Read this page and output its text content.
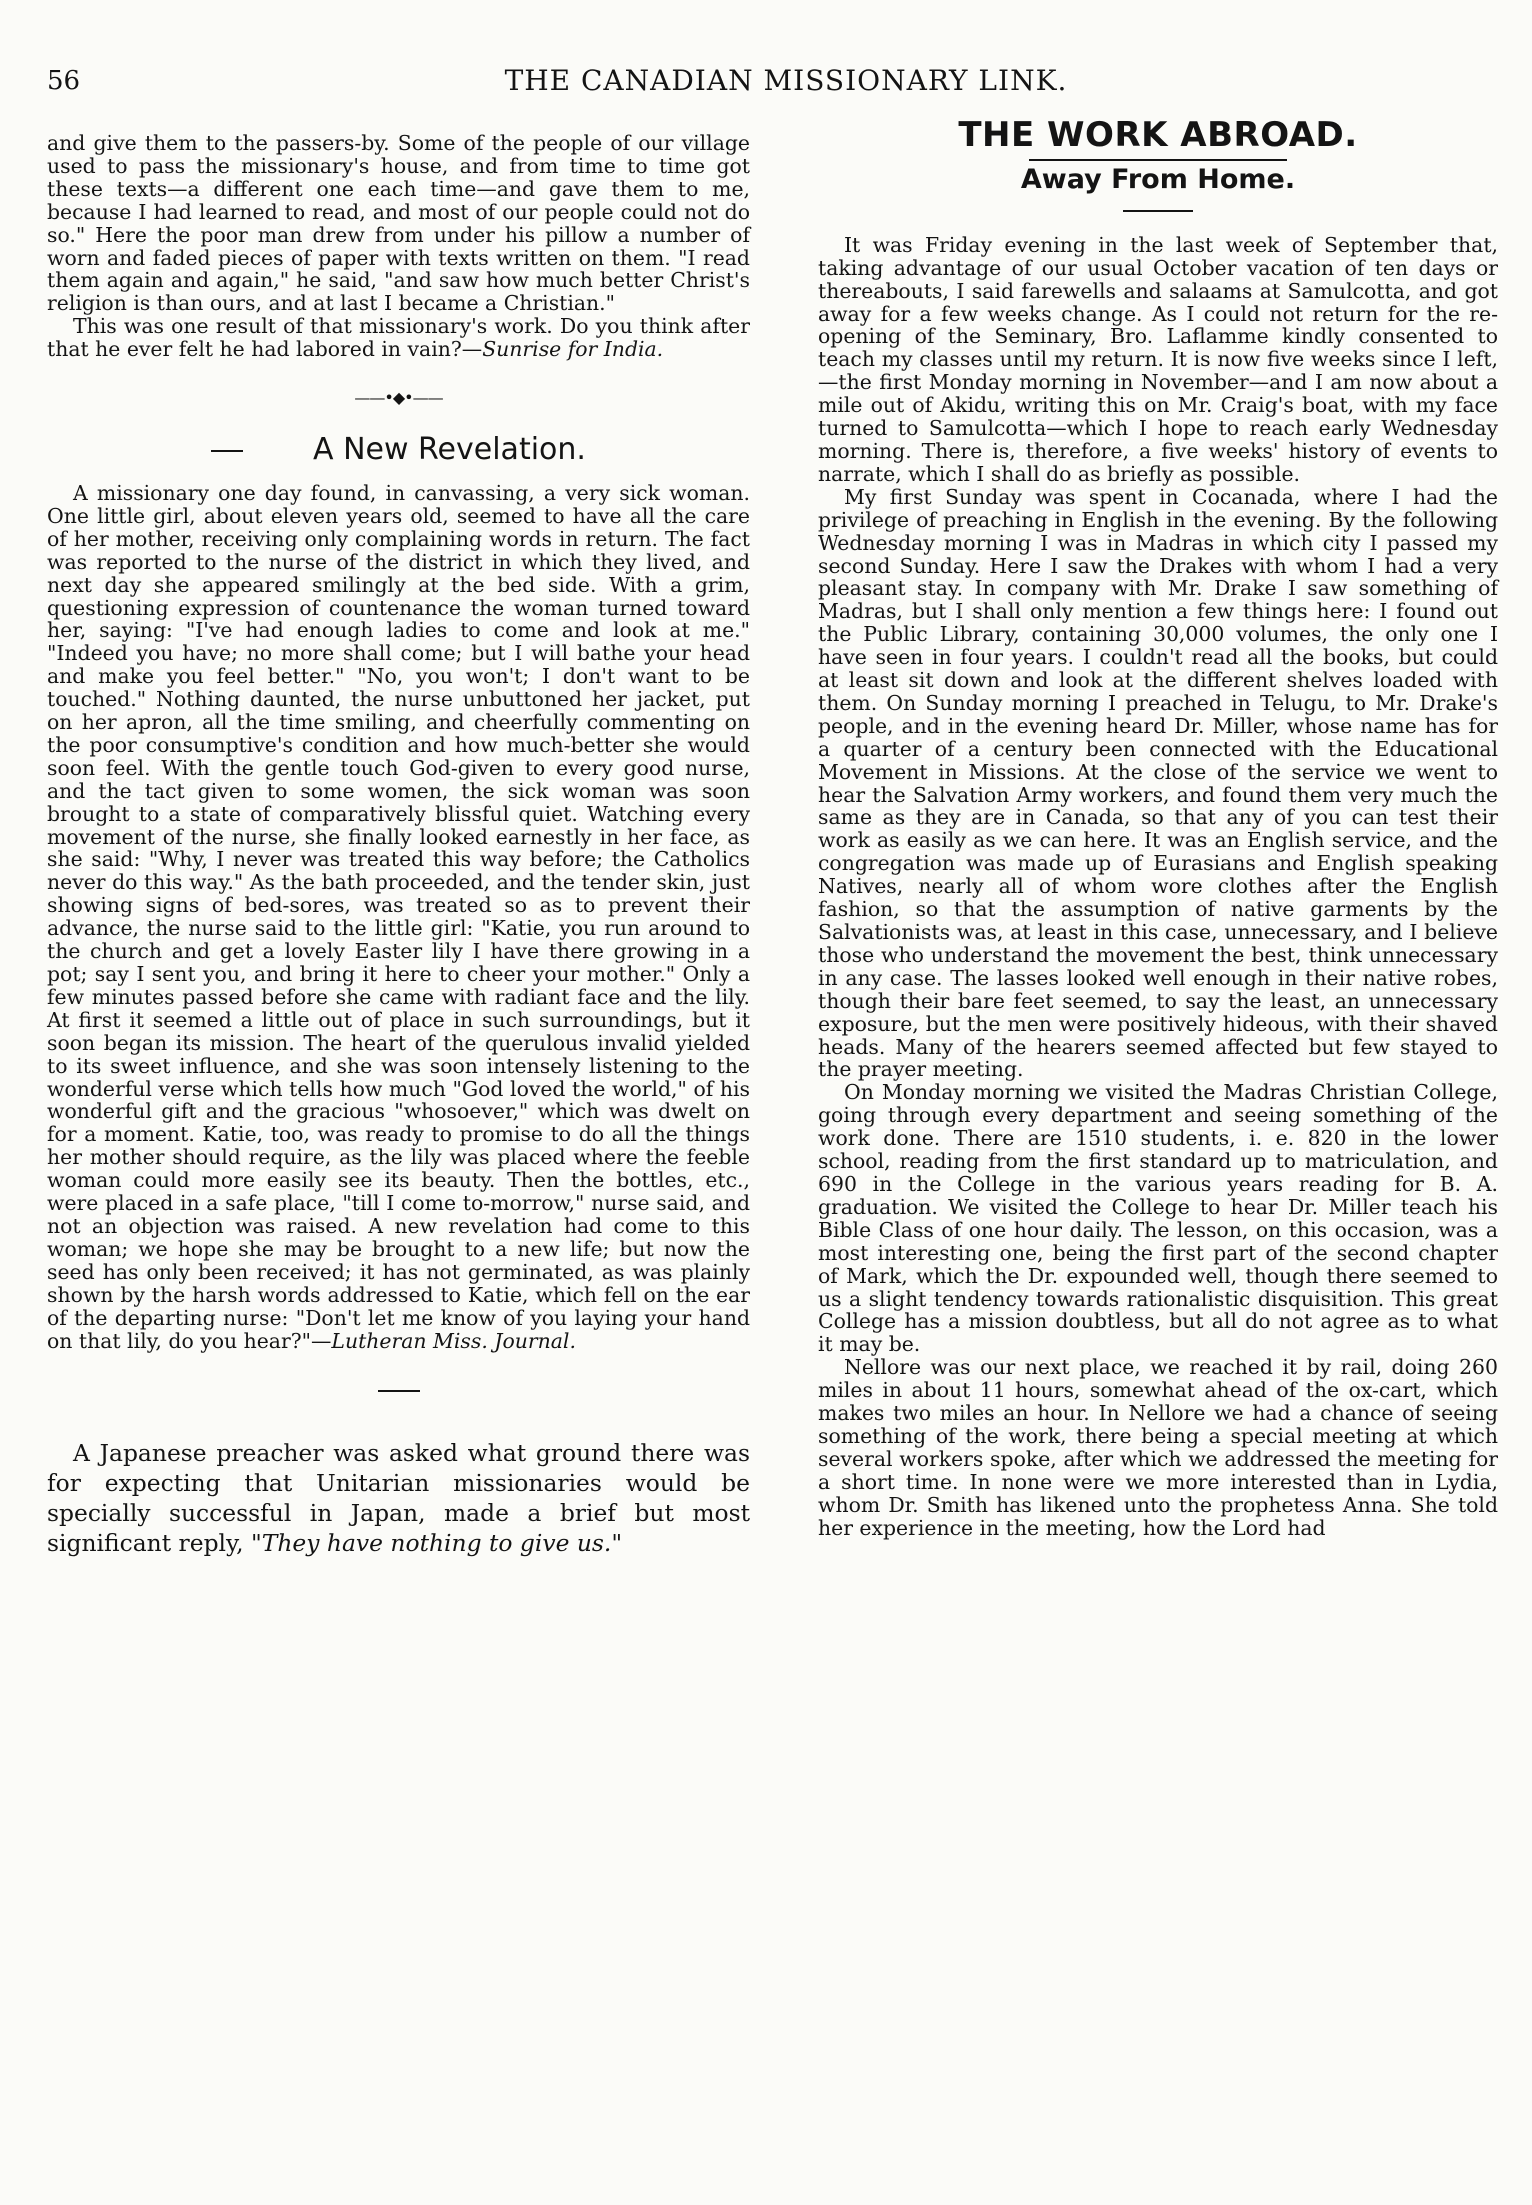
56	THE CANADIAN MISSIONARY LINK.

and give them to the passers-by. Some of the people of our village used to pass the missionary's house, and from time to time got these texts—a different one each time—and gave them to me, because I had learned to read, and most of our people could not do so." Here the poor man drew from under his pillow a number of worn and faded pieces of paper with texts written on them. "I read them again and again," he said, "and saw how much better Christ's religion is than ours, and at last I became a Christian."

This was one result of that missionary's work. Do you think after that he ever felt he had labored in vain?—Sunrise for India.

——•◆•——
A New Revelation.

A missionary one day found, in canvassing, a very sick woman. One little girl, about eleven years old, seemed to have all the care of her mother, receiving only complaining words in return. The fact was reported to the nurse of the district in which they lived, and next day she appeared smilingly at the bed side. With a grim, questioning expression of countenance the woman turned toward her, saying: "I've had enough ladies to come and look at me." "Indeed you have; no more shall come; but I will bathe your head and make you feel better." "No, you won't; I don't want to be touched." Nothing daunted, the nurse unbuttoned her jacket, put on her apron, all the time smiling, and cheerfully commenting on the poor consumptive's condition and how much-better she would soon feel. With the gentle touch God-given to every good nurse, and the tact given to some women, the sick woman was soon brought to a state of comparatively blissful quiet. Watching every movement of the nurse, she finally looked earnestly in her face, as she said: "Why, I never was treated this way before; the Catholics never do this way." As the bath proceeded, and the tender skin, just showing signs of bed-sores, was treated so as to prevent their advance, the nurse said to the little girl: "Katie, you run around to the church and get a lovely Easter lily I have there growing in a pot; say I sent you, and bring it here to cheer your mother." Only a few minutes passed before she came with radiant face and the lily. At first it seemed a little out of place in such surroundings, but it soon began its mission. The heart of the querulous invalid yielded to its sweet influence, and she was soon intensely listening to the wonderful verse which tells how much "God loved the world," of his wonderful gift and the gracious "whosoever," which was dwelt on for a moment. Katie, too, was ready to promise to do all the things her mother should require, as the lily was placed where the feeble woman could more easily see its beauty. Then the bottles, etc., were placed in a safe place, "till I come to-morrow," nurse said, and not an objection was raised. A new revelation had come to this woman; we hope she may be brought to a new life; but now the seed has only been received; it has not germinated, as was plainly shown by the harsh words addressed to Katie, which fell on the ear of the departing nurse: "Don't let me know of you laying your hand on that lily, do you hear?"—Lutheran Miss. Journal.

A Japanese preacher was asked what ground there was for expecting that Unitarian missionaries would be specially successful in Japan, made a brief but most significant reply, "They have nothing to give us."

THE WORK ABROAD.
Away From Home.

It was Friday evening in the last week of September that, taking advantage of our usual October vacation of ten days or thereabouts, I said farewells and salaams at Samulcotta, and got away for a few weeks change. As I could not return for the re-opening of the Seminary, Bro. Laflamme kindly consented to teach my classes until my return. It is now five weeks since I left,—the first Monday morning in November—and I am now about a mile out of Akidu, writing this on Mr. Craig's boat, with my face turned to Samulcotta—which I hope to reach early Wednesday morning. There is, therefore, a five weeks' history of events to narrate, which I shall do as briefly as possible.

My first Sunday was spent in Cocanada, where I had the privilege of preaching in English in the evening. By the following Wednesday morning I was in Madras in which city I passed my second Sunday. Here I saw the Drakes with whom I had a very pleasant stay. In company with Mr. Drake I saw something of Madras, but I shall only mention a few things here: I found out the Public Library, containing 30,000 volumes, the only one I have seen in four years. I couldn't read all the books, but could at least sit down and look at the different shelves loaded with them. On Sunday morning I preached in Telugu, to Mr. Drake's people, and in the evening heard Dr. Miller, whose name has for a quarter of a century been connected with the Educational Movement in Missions. At the close of the service we went to hear the Salvation Army workers, and found them very much the same as they are in Canada, so that any of you can test their work as easily as we can here. It was an English service, and the congregation was made up of Eurasians and English speaking Natives, nearly all of whom wore clothes after the English fashion, so that the assumption of native garments by the Salvationists was, at least in this case, unnecessary, and I believe those who understand the movement the best, think unnecessary in any case. The lasses looked well enough in their native robes, though their bare feet seemed, to say the least, an unnecessary exposure, but the men were positively hideous, with their shaved heads. Many of the hearers seemed affected but few stayed to the prayer meeting.

On Monday morning we visited the Madras Christian College, going through every department and seeing something of the work done. There are 1510 students, i. e. 820 in the lower school, reading from the first standard up to matriculation, and 690 in the College in the various years reading for B. A. graduation. We visited the College to hear Dr. Miller teach his Bible Class of one hour daily. The lesson, on this occasion, was a most interesting one, being the first part of the second chapter of Mark, which the Dr. expounded well, though there seemed to us a slight tendency towards rationalistic disquisition. This great College has a mission doubtless, but all do not agree as to what it may be.

Nellore was our next place, we reached it by rail, doing 260 miles in about 11 hours, somewhat ahead of the ox-cart, which makes two miles an hour. In Nellore we had a chance of seeing something of the work, there being a special meeting at which several workers spoke, after which we addressed the meeting for a short time. In none were we more interested than in Lydia, whom Dr. Smith has likened unto the prophetess Anna. She told her experience in the meeting, how the Lord had
